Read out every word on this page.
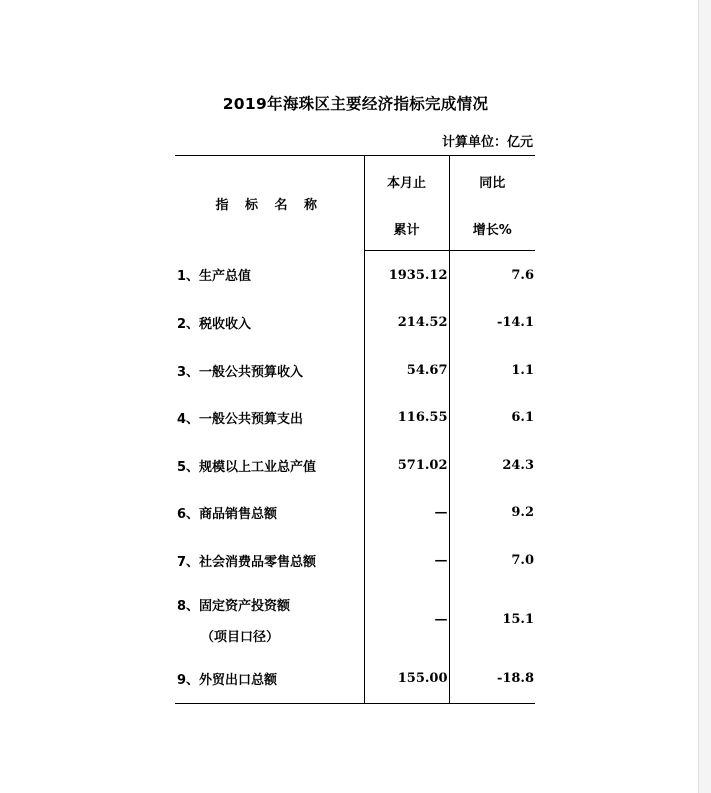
2019年海珠区主要经济指标完成情况
计算单位：亿元
指 标 名 称	本月止	同比
	累计	增长%
1、生产总值	1935.12	7.6
2、税收收入	214.52	-14.1
3、一般公共预算收入	54.67	1.1
4、一般公共预算支出	116.55	6.1
5、规模以上工业总产值	571.02	24.3
6、商品销售总额	—	9.2
7、社会消费品零售总额	—	7.0
8、固定资产投资额
（项目口径）	—	15.1
9、外贸出口总额	155.00	-18.8
